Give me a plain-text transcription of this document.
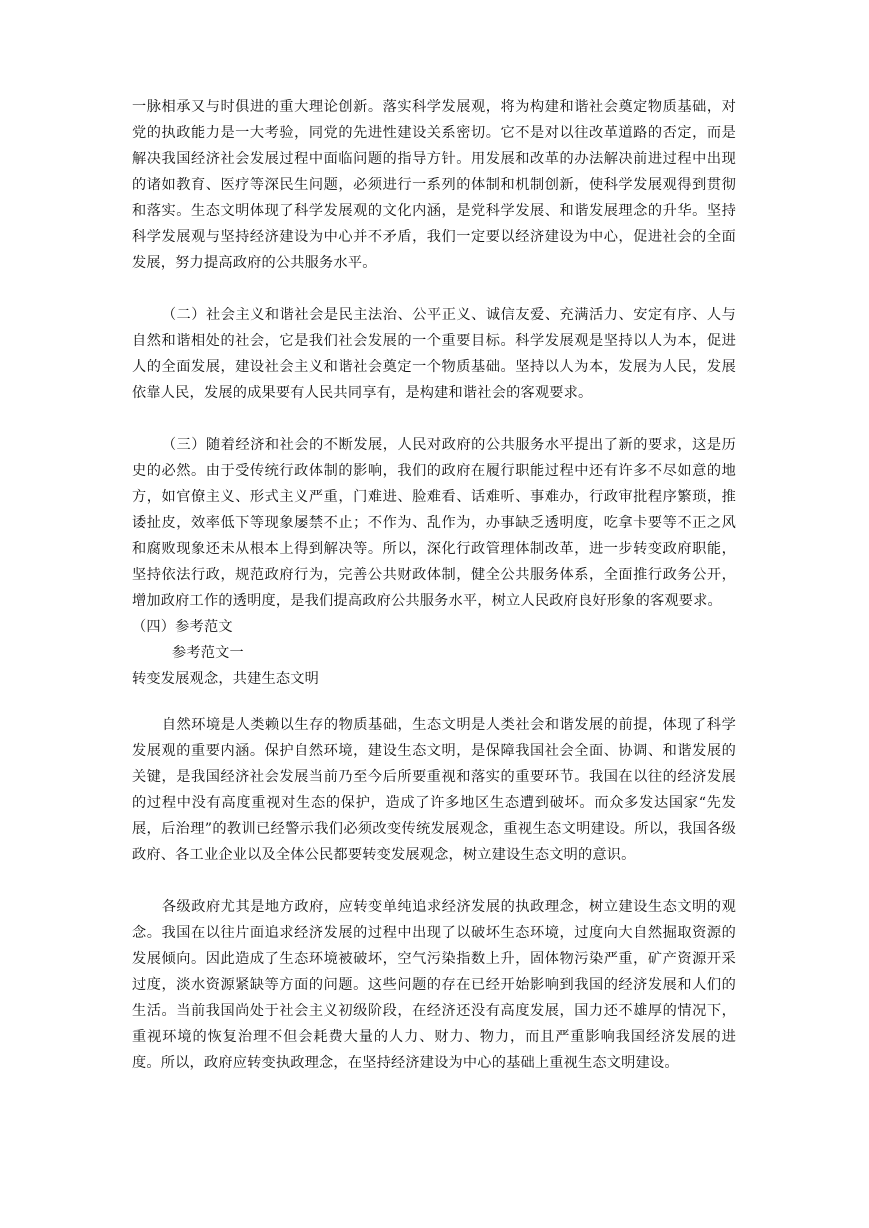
一脉相承又与时俱进的重大理论创新。落实科学发展观，将为构建和谐社会奠定物质基础，对党的执政能力是一大考验，同党的先进性建设关系密切。它不是对以往改革道路的否定，而是解决我国经济社会发展过程中面临问题的指导方针。用发展和改革的办法解决前进过程中出现的诸如教育、医疗等深民生问题，必须进行一系列的体制和机制创新，使科学发展观得到贯彻和落实。生态文明体现了科学发展观的文化内涵，是党科学发展、和谐发展理念的升华。坚持科学发展观与坚持经济建设为中心并不矛盾，我们一定要以经济建设为中心，促进社会的全面发展，努力提高政府的公共服务水平。

（二）社会主义和谐社会是民主法治、公平正义、诚信友爱、充满活力、安定有序、人与自然和谐相处的社会，它是我们社会发展的一个重要目标。科学发展观是坚持以人为本，促进人的全面发展，建设社会主义和谐社会奠定一个物质基础。坚持以人为本，发展为人民，发展依靠人民，发展的成果要有人民共同享有，是构建和谐社会的客观要求。

（三）随着经济和社会的不断发展，人民对政府的公共服务水平提出了新的要求，这是历史的必然。由于受传统行政体制的影响，我们的政府在履行职能过程中还有许多不尽如意的地方，如官僚主义、形式主义严重，门难进、脸难看、话难听、事难办，行政审批程序繁琐，推诿扯皮，效率低下等现象屡禁不止；不作为、乱作为，办事缺乏透明度，吃拿卡要等不正之风和腐败现象还未从根本上得到解决等。所以，深化行政管理体制改革，进一步转变政府职能，坚持依法行政，规范政府行为，完善公共财政体制，健全公共服务体系，全面推行政务公开，增加政府工作的透明度，是我们提高政府公共服务水平，树立人民政府良好形象的客观要求。

（四）参考范文

参考范文一

转变发展观念，共建生态文明

自然环境是人类赖以生存的物质基础，生态文明是人类社会和谐发展的前提，体现了科学发展观的重要内涵。保护自然环境，建设生态文明，是保障我国社会全面、协调、和谐发展的关键，是我国经济社会发展当前乃至今后所要重视和落实的重要环节。我国在以往的经济发展的过程中没有高度重视对生态的保护，造成了许多地区生态遭到破坏。而众多发达国家“先发展，后治理”的教训已经警示我们必须改变传统发展观念，重视生态文明建设。所以，我国各级政府、各工业企业以及全体公民都要转变发展观念，树立建设生态文明的意识。

各级政府尤其是地方政府，应转变单纯追求经济发展的执政理念，树立建设生态文明的观念。我国在以往片面追求经济发展的过程中出现了以破坏生态环境，过度向大自然掘取资源的发展倾向。因此造成了生态环境被破坏，空气污染指数上升，固体物污染严重，矿产资源开采过度，淡水资源紧缺等方面的问题。这些问题的存在已经开始影响到我国的经济发展和人们的生活。当前我国尚处于社会主义初级阶段，在经济还没有高度发展，国力还不雄厚的情况下，重视环境的恢复治理不但会耗费大量的人力、财力、物力，而且严重影响我国经济发展的进度。所以，政府应转变执政理念，在坚持经济建设为中心的基础上重视生态文明建设。
